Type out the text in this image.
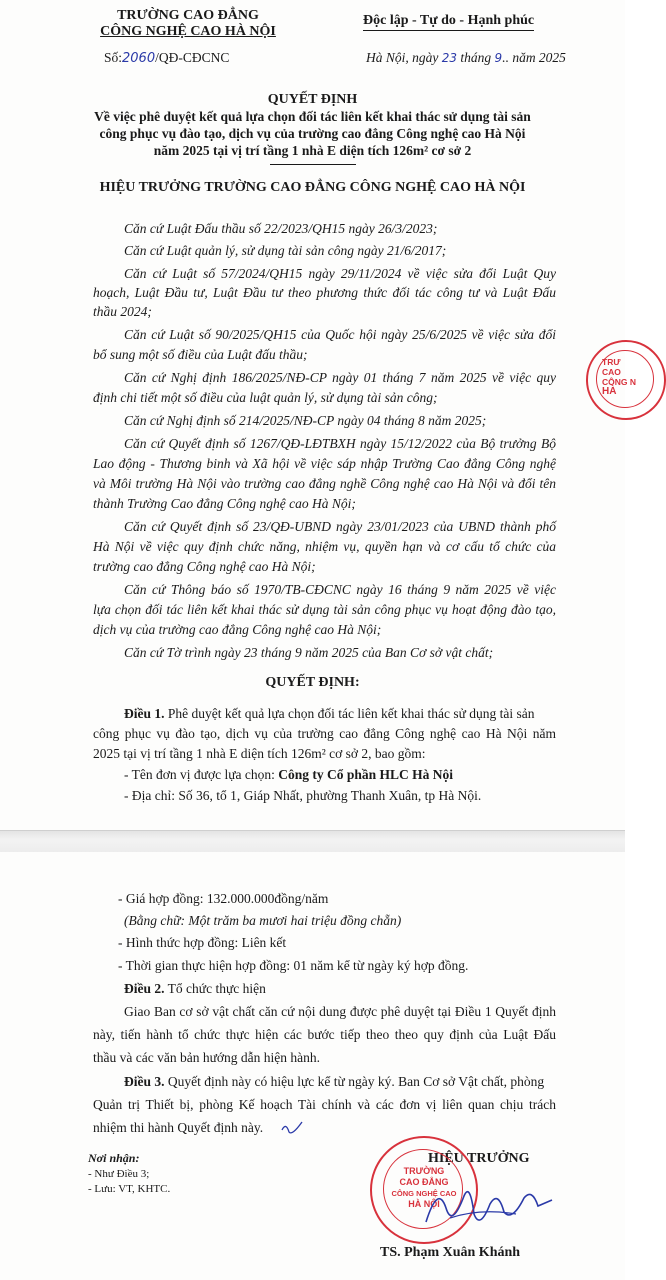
TRƯỜNG CAO ĐẲNG
CÔNG NGHỆ CAO HÀ NỘI
Số:2060/QĐ-CĐCNC
Độc lập - Tự do - Hạnh phúc
Hà Nội, ngày 23 tháng 9.. năm 2025
QUYẾT ĐỊNH
Về việc phê duyệt kết quả lựa chọn đối tác liên kết khai thác sử dụng tài sản
công phục vụ đào tạo, dịch vụ của trường cao đẳng Công nghệ cao Hà Nội
năm 2025 tại vị trí tầng 1 nhà E diện tích 126m² cơ sở 2
HIỆU TRƯỞNG TRƯỜNG CAO ĐẲNG CÔNG NGHỆ CAO HÀ NỘI
Căn cứ Luật Đấu thầu số 22/2023/QH15 ngày 26/3/2023;
Căn cứ Luật quản lý, sử dụng tài sản công ngày 21/6/2017;
Căn cứ Luật số 57/2024/QH15 ngày 29/11/2024 về việc sửa đổi Luật Quy
hoạch, Luật Đầu tư, Luật Đầu tư theo phương thức đối tác công tư và Luật Đấu
thầu 2024;
Căn cứ Luật số 90/2025/QH15 của Quốc hội ngày 25/6/2025 về việc sửa đổi
bổ sung một số điều của Luật đấu thầu;
Căn cứ Nghị định 186/2025/NĐ-CP ngày 01 tháng 7 năm 2025 về việc quy
định chi tiết một số điều của luật quản lý, sử dụng tài sản công;
Căn cứ Nghị định số 214/2025/NĐ-CP ngày 04 tháng 8 năm 2025;
Căn cứ Quyết định số 1267/QĐ-LĐTBXH ngày 15/12/2022 của Bộ trưởng Bộ
Lao động - Thương binh và Xã hội về việc sáp nhập Trường Cao đẳng Công nghệ
và Môi trường Hà Nội vào trường cao đẳng nghề Công nghệ cao Hà Nội và đổi tên
thành Trường Cao đẳng Công nghệ cao Hà Nội;
Căn cứ Quyết định số 23/QĐ-UBND ngày 23/01/2023 của UBND thành phố
Hà Nội về việc quy định chức năng, nhiệm vụ, quyền hạn và cơ cấu tổ chức của
trường cao đẳng Công nghệ cao Hà Nội;
Căn cứ Thông báo số 1970/TB-CĐCNC ngày 16 tháng 9 năm 2025 về việc
lựa chọn đối tác liên kết khai thác sử dụng tài sản công phục vụ hoạt động đào tạo,
dịch vụ của trường cao đẳng Công nghệ cao Hà Nội;
Căn cứ Tờ trình ngày 23 tháng 9 năm 2025 của Ban Cơ sở vật chất;
QUYẾT ĐỊNH:
Điều 1. Phê duyệt kết quả lựa chọn đối tác liên kết khai thác sử dụng tài sản
công phục vụ đào tạo, dịch vụ của trường cao đẳng Công nghệ cao Hà Nội năm
2025 tại vị trí tầng 1 nhà E diện tích 126m² cơ sở 2, bao gồm:
- Tên đơn vị được lựa chọn: Công ty Cổ phần HLC Hà Nội
- Địa chỉ: Số 36, tổ 1, Giáp Nhất, phường Thanh Xuân, tp Hà Nội.
TRƯ
CAO
CÔNG N
HÀ
- Giá hợp đồng: 132.000.000đồng/năm
(Bằng chữ: Một trăm ba mươi hai triệu đồng chẵn)
- Hình thức hợp đồng: Liên kết
- Thời gian thực hiện hợp đồng: 01 năm kể từ ngày ký hợp đồng.
Điều 2. Tổ chức thực hiện
Giao Ban cơ sở vật chất căn cứ nội dung được phê duyệt tại Điều 1 Quyết định
này, tiến hành tổ chức thực hiện các bước tiếp theo theo quy định của Luật Đấu
thầu và các văn bản hướng dẫn hiện hành.
Điều 3. Quyết định này có hiệu lực kể từ ngày ký. Ban Cơ sở Vật chất, phòng
Quản trị Thiết bị, phòng Kế hoạch Tài chính và các đơn vị liên quan chịu trách
nhiệm thi hành Quyết định này.
Nơi nhận:
- Như Điều 3;
- Lưu: VT, KHTC.
HIỆU TRƯỞNG
TRƯỜNG
CAO ĐẲNG
CÔNG NGHỆ CAO
HÀ NỘI
TS. Phạm Xuân Khánh
